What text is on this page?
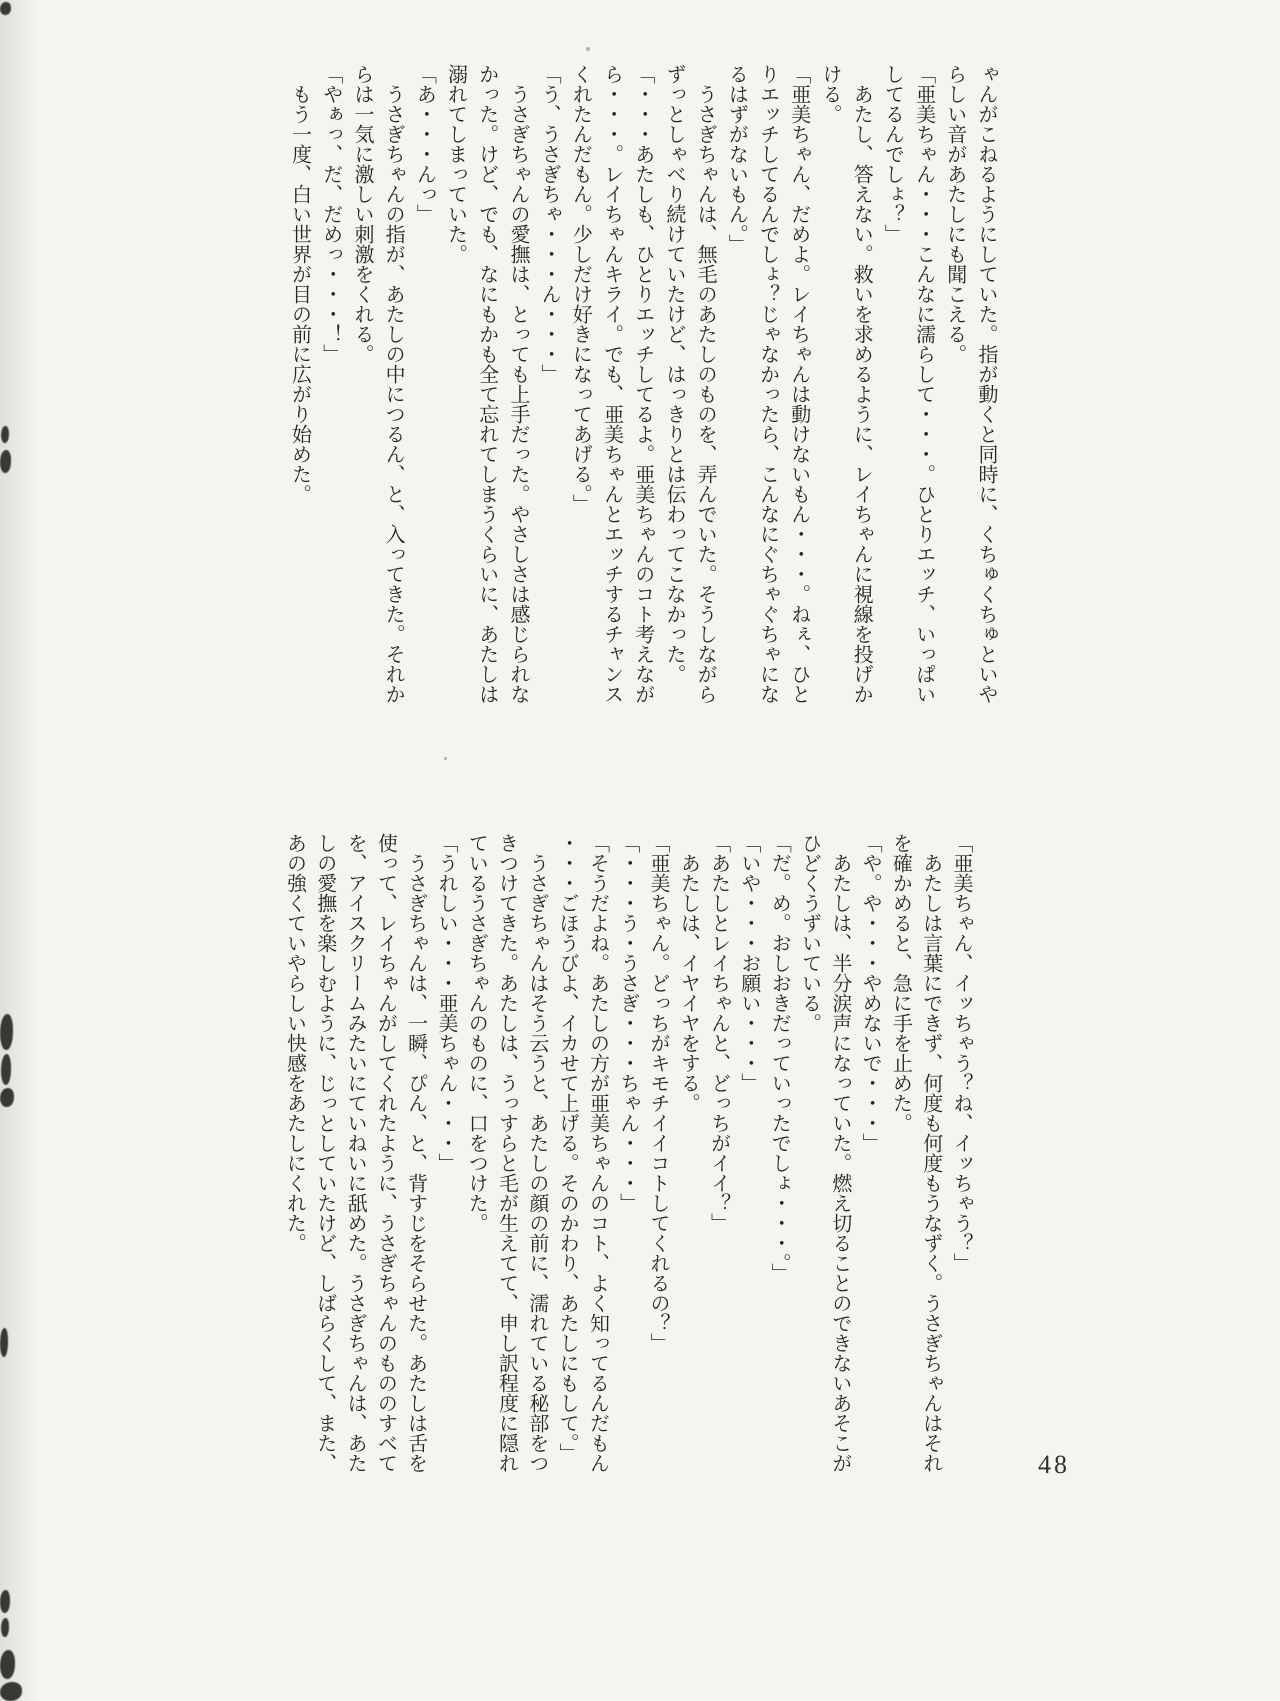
ゃんがこねるようにしていた。指が動くと同時に、くちゅくちゅといや
らしい音があたしにも聞こえる。
「亜美ちゃん・・・こんなに濡らして・・・。ひとりエッチ、いっぱい
してるんでしょ？」
あたし、答えない。救いを求めるように、レイちゃんに視線を投げか
ける。
「亜美ちゃん、だめよ。レイちゃんは動けないもん・・・。ねぇ、ひと
りエッチしてるんでしょ？じゃなかったら、こんなにぐちゃぐちゃにな
るはずがないもん。」
うさぎちゃんは、無毛のあたしのものを、弄んでいた。そうしながら
ずっとしゃべり続けていたけど、はっきりとは伝わってこなかった。
「・・・あたしも、ひとりエッチしてるよ。亜美ちゃんのコト考えなが
ら・・・。レイちゃんキライ。でも、亜美ちゃんとエッチするチャンス
くれたんだもん。少しだけ好きになってあげる。」
「う、うさぎちゃ・・・ん・・・」
うさぎちゃんの愛撫は、とっても上手だった。やさしさは感じられな
かった。けど、でも、なにもかも全て忘れてしまうくらいに、あたしは
溺れてしまっていた。
「あ・・・んっ」
うさぎちゃんの指が、あたしの中につるん、と、入ってきた。それか
らは一気に激しい刺激をくれる。
「やぁっ、だ、だめっ・・・！」
もう一度、白い世界が目の前に広がり始めた。
「亜美ちゃん、イッちゃう？ね、イッちゃう？」
あたしは言葉にできず、何度も何度もうなずく。うさぎちゃんはそれ
を確かめると、急に手を止めた。
「や。や・・・やめないで・・・」
あたしは、半分涙声になっていた。燃え切ることのできないあそこが
ひどくうずいている。
「だ。め。おしおきだっていったでしょ・・・。」
「いや・・・お願い・・・」
「あたしとレイちゃんと、どっちがイイ？」
あたしは、イヤイヤをする。
「亜美ちゃん。どっちがキモチイイコトしてくれるの？」
「・・・う・うさぎ・・・ちゃん・・・」
「そうだよね。あたしの方が亜美ちゃんのコト、よく知ってるんだもん
・・・ごほうびよ、イカせて上げる。そのかわり、あたしにもして。」
うさぎちゃんはそう云うと、あたしの顔の前に、濡れている秘部をつ
きつけてきた。あたしは、うっすらと毛が生えてて、申し訳程度に隠れ
ているうさぎちゃんのものに、口をつけた。
「うれしい・・・亜美ちゃん・・・」
うさぎちゃんは、一瞬、ぴん、と、背すじをそらせた。あたしは舌を
使って、レイちゃんがしてくれたように、うさぎちゃんのもののすべて
を、アイスクリームみたいにていねいに舐めた。うさぎちゃんは、あた
しの愛撫を楽しむように、じっとしていたけど、しばらくして、また、
あの強くていやらしい快感をあたしにくれた。
48
